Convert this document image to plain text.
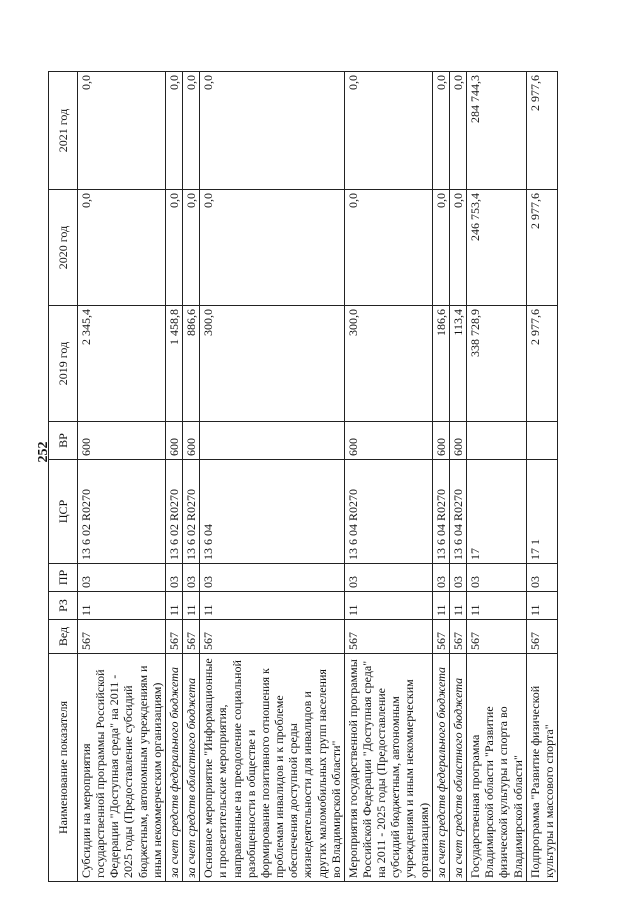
252
Наименование показателя	Вед	РЗ	ПР	ЦСР	ВР	2019 год	2020 год	2021 год
Субсидии на мероприятия государственной программы Российской Федерации "Доступная среда" на 2011 - 2025 годы (Предоставление субсидий бюджетным, автономным учреждениям и иным некоммерческим организациям)	567	11	03	13 6 02 R0270	600	2 345,4	0,0	0,0
за счет средств федерального бюджета	567	11	03	13 6 02 R0270	600	1 458,8	0,0	0,0
за счет средств областного бюджета	567	11	03	13 6 02 R0270	600	886,6	0,0	0,0
Основное мероприятие "Информационные и просветительские мероприятия, направленные на преодоление социальной разобщенности в обществе и формирование позитивного отношения к проблемам инвалидов и к проблеме обеспечения доступной среды жизнедеятельности для инвалидов и других маломобильных групп населения во Владимирской области"	567	11	03	13 6 04		300,0	0,0	0,0
Мероприятия государственной программы Российской Федерации "Доступная среда" на 2011 - 2025 годы (Предоставление субсидий бюджетным, автономным учреждениям и иным некоммерческим организациям)	567	11	03	13 6 04 R0270	600	300,0	0,0	0,0
за счет средств федерального бюджета	567	11	03	13 6 04 R0270	600	186,6	0,0	0,0
за счет средств областного бюджета	567	11	03	13 6 04 R0270	600	113,4	0,0	0,0
Государственная программа Владимирской области "Развитие физической культуры и спорта во Владимирской области"	567	11	03	17		338 728,9	246 753,4	284 744,3
Подпрограмма "Развитие физической культуры и массового спорта"	567	11	03	17 1		2 977,6	2 977,6	2 977,6
